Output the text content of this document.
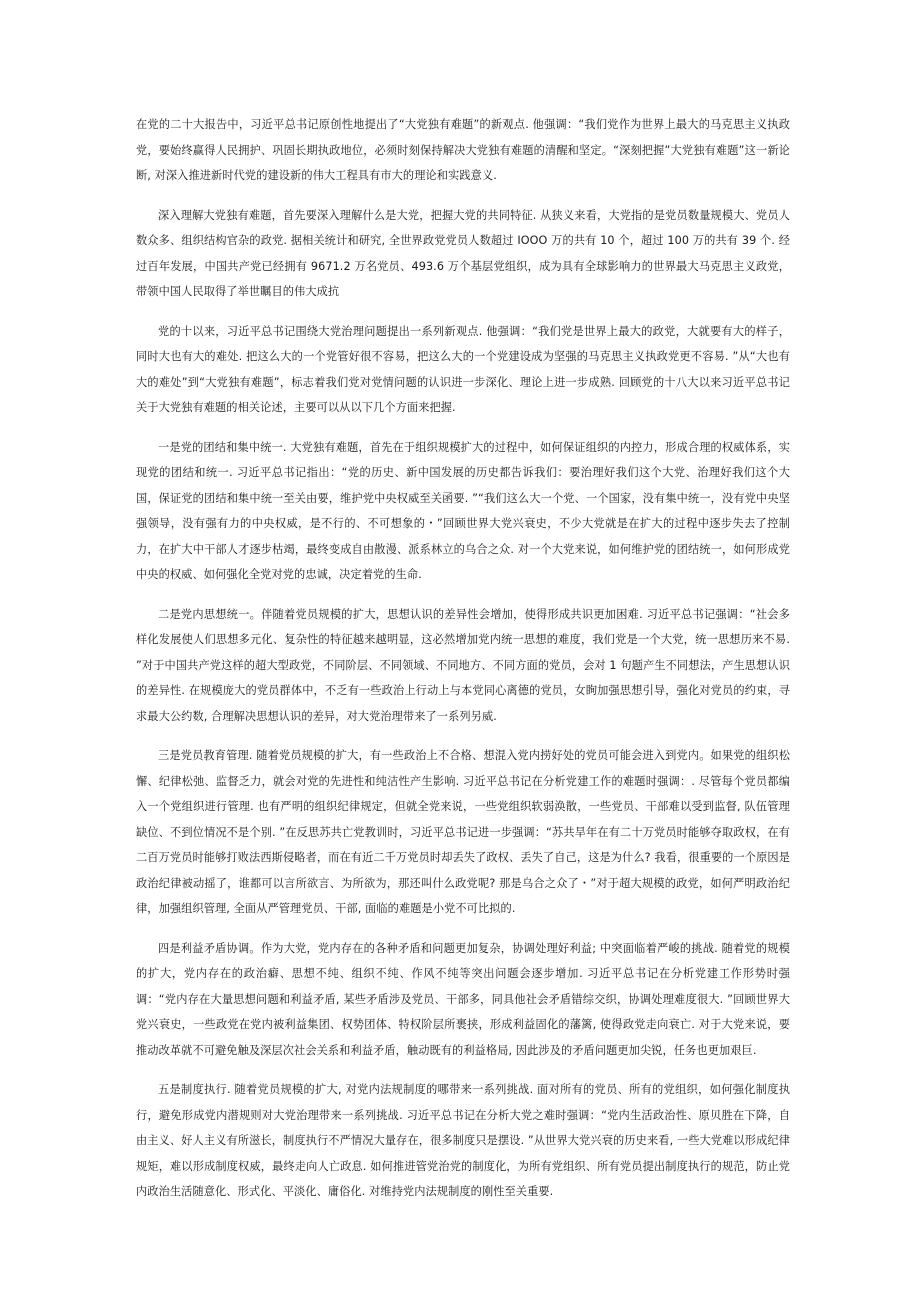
在党的二十大报告中，习近平总书记原创性地提出了“大党独有难题”的新观点. 他强调：“我们党作为世界上最大的马克思主义执政党，要始终赢得人民拥护、巩固长期执政地位，必须时刻保持解决大党独有难题的清醒和坚定。“深刻把握”大党独有难题”这一新论断, 对深入推进新时代党的建设新的伟大工程具有市大的理论和实践意义.

深入理解大党独有难题，首先要深入理解什么是大党，把握大党的共同特征. 从狭义来看，大党指的是党员数量规模大、党员人数众多、组织结构官杂的政党. 据相关统计和研究, 全世界政党党员人数超过 IOOO 万的共有 10 个，超过 100 万的共有 39 个. 经过百年发展，中国共产党已经拥有 9671.2 万名党员、493.6 万个基层党组织，成为具有全球影响力的世界最大马克思主义政党，带领中国人民取得了举世瞩目的伟大成抗

党的十以来，习近平总书记围绕大党治理问题提出一系列新观点. 他强调：“我们党是世界上最大的政党，大就要有大的样子，同时大也有大的难处. 把这么大的一个党管好很不容易，把这么大的一个党建设成为坚强的马克思主义执政党更不容易. ”从“大也有大的难处”到“大党独有难题”，标志着我们党对党情问题的认识进一步深化、理论上进一步成熟. 回顾党的十八大以来习近平总书记关于大党独有难题的相关论述，主要可以从以下几个方面来把握.

一是党的团结和集中统一. 大党独有难题，首先在于组织规模扩大的过程中，如何保证组织的内控力，形成合理的权威体系，实现党的团结和统一. 习近平总书记指出：“党的历史、新中国发展的历史都告诉我们：要治理好我们这个大党、治理好我们这个大国，保证党的团结和集中统一至关由要，维护党中央权威至关函要. ”“我们这么大一个党、一个国家，没有集中统一，没有党中央坚强领导，没有强有力的中央权威，是不行的、不可想象的・”回顾世界大党兴衰史，不少大党就是在扩大的过程中逐步失去了控制力，在扩大中干部人才逐步枯竭，最终变成自由散漫、派系林立的乌合之众. 对一个大党来说，如何维护党的团结统一，如何形成党中央的权威、如何强化全党对党的忠诚，决定着党的生命.

二是党内思想统一。伴随着党员规模的扩大，思想认识的差异性会增加，使得形成共识更加困难. 习近平总书记强调：“社会多样化发展使人们思想多元化、复杂性的特征越来越明显，这必然增加党内统一思想的难度，我们党是一个大党，统一思想历来不易. ”对于中国共产党这样的超大型政党，不同阶层、不同领域、不同地方、不同方面的党员，会对 1 句题产生不同想法，产生思想认识的差异性. 在规模庞大的党员群体中，不乏有一些政治上行动上与本党同心离德的党员，女眴加强思想引导，强化对党员的约束，寻求最大公约数, 合理解决思想认识的差异，对大党治理带来了一系列另威.

三是党员教育管理. 随着党员规模的扩大，有一些政治上不合格、想混入党内捞好处的党员可能会进入到党内。如果党的组织松懈、纪律松弛、监督乏力，就会对党的先进性和纯洁性产生影响. 习近平总书记在分析党建工作的难题时强调：. 尽管每个党员都编入一个党组织进行管理. 也有严明的组织纪律规定，但就全党来说，一些党组织软弱涣散，一些党员、干部难以受到监督, 队伍管理缺位、不到位情况不是个别. ”在反思苏共亡党教训时，习近平总书记进一步强调：“苏共旱年在有二十万党员时能够夺取政权，在有二百万党员时能够打败法西斯侵略者，而在有近二千万党员时却丢失了政权、丢失了自己，这是为什么? 我看，很重要的一个原因是政治纪律被动摇了，谁都可以言所欲言、为所欲为，那还叫什么政党呢? 那是乌合之众了・”对于超大规模的政党，如何严明政治纪律，加强组织管理, 全面从严管理党员、干部, 面临的难题是小党不可比拟的.

四是利益矛盾协调。作为大党，党内存在的各种矛盾和问题更加复杂，协调处理好利益; 中突面临着严峻的挑战. 随着党的规模的扩大，党内存在的政治癖、思想不纯、组织不纯、作风不纯等突出问题会逐步增加. 习近平总书记在分析党建工作形势时强调：“党内存在大量思想问题和利益矛盾, 某些矛盾涉及党员、干部多，同具他社会矛盾错综交织，协调处理难度很大. ”回顾世界大党兴衰史，一些政党在党内被利益集团、权势团体、特权阶层所裹挟，形成利益固化的藩篱, 使得政党走向衰亡. 对于大党来说，要推动改革就不可避免触及深层次社会关系和利益矛盾，触动既有的利益格局, 因此涉及的矛盾问题更加尖锐，任务也更加艰巨.

五是制度执行. 随着党员规模的扩大, 对党内法规制度的哪带来一系列挑战. 面对所有的党员、所有的党组织，如何强化制度执行，避免形成党内潜规则对大党治理带来一系列挑战. 习近平总书记在分析大党之难时强调：“党内生活政治性、原贝胜在下降，自由主义、好人主义有所滋长，制度执行不严情况大量存在，很多制度只是摆设. ”从世界大党兴衰的历史来看, 一些大党难以形成纪律规矩，难以形成制度权威，最终走向人亡政息. 如何推进管党治党的制度化，为所有党组织、所有党员提出制度执行的规范，防止党内政治生活随意化、形式化、平淡化、庸俗化. 对维持党内法规制度的刚性至关重要.
